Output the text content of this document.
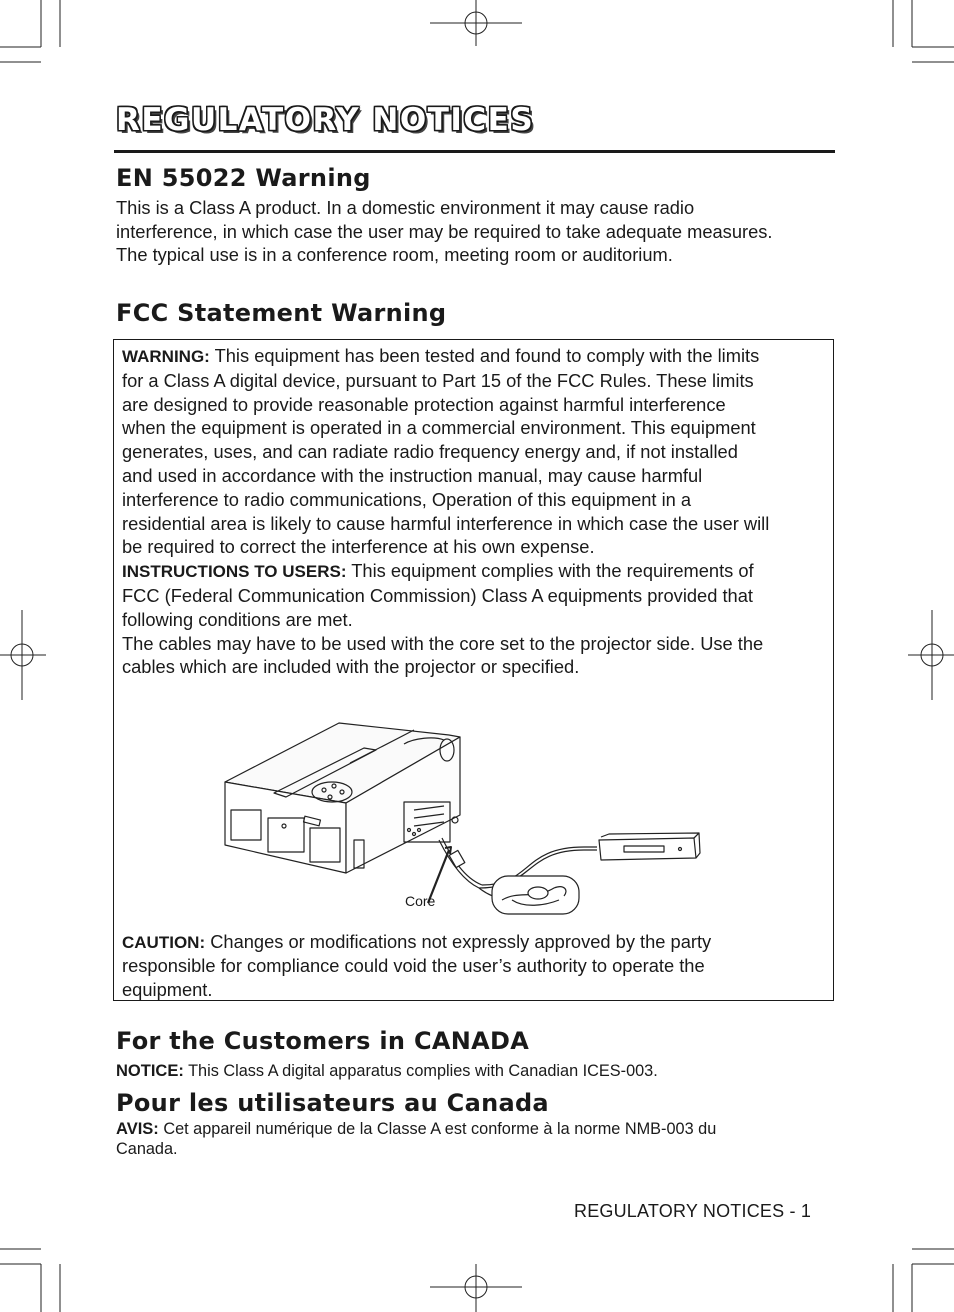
REGULATORY NOTICES
EN 55022 Warning

This is a Class A product. In a domestic environment it may cause radio
interference, in which case the user may be required to take adequate measures.
The typical use is in a conference room, meeting room or auditorium.

FCC Statement Warning
WARNING: This equipment has been tested and found to comply with the limits
for a Class A digital device, pursuant to Part 15 of the FCC Rules. These limits
are designed to provide reasonable protection against harmful interference
when the equipment is operated in a commercial environment. This equipment
generates, uses, and can radiate radio frequency energy and, if not installed
and used in accordance with the instruction manual, may cause harmful
interference to radio communications, Operation of this equipment in a
residential area is likely to cause harmful interference in which case the user will
be required to correct the interference at his own expense.
INSTRUCTIONS TO USERS: This equipment complies with the requirements of
FCC (Federal Communication Commission) Class A equipments provided that
following conditions are met.
The cables may have to be used with the core set to the projector side. Use the
cables which are included with the projector or specified.
Core
CAUTION: Changes or modifications not expressly approved by the party
responsible for compliance could void the user’s authority to operate the
equipment.
For the Customers in CANADA

NOTICE: This Class A digital apparatus complies with Canadian ICES-003.

Pour les utilisateurs au Canada

AVIS: Cet appareil numérique de la Classe A est conforme à la norme NMB-003 du
Canada.

REGULATORY NOTICES - 1
